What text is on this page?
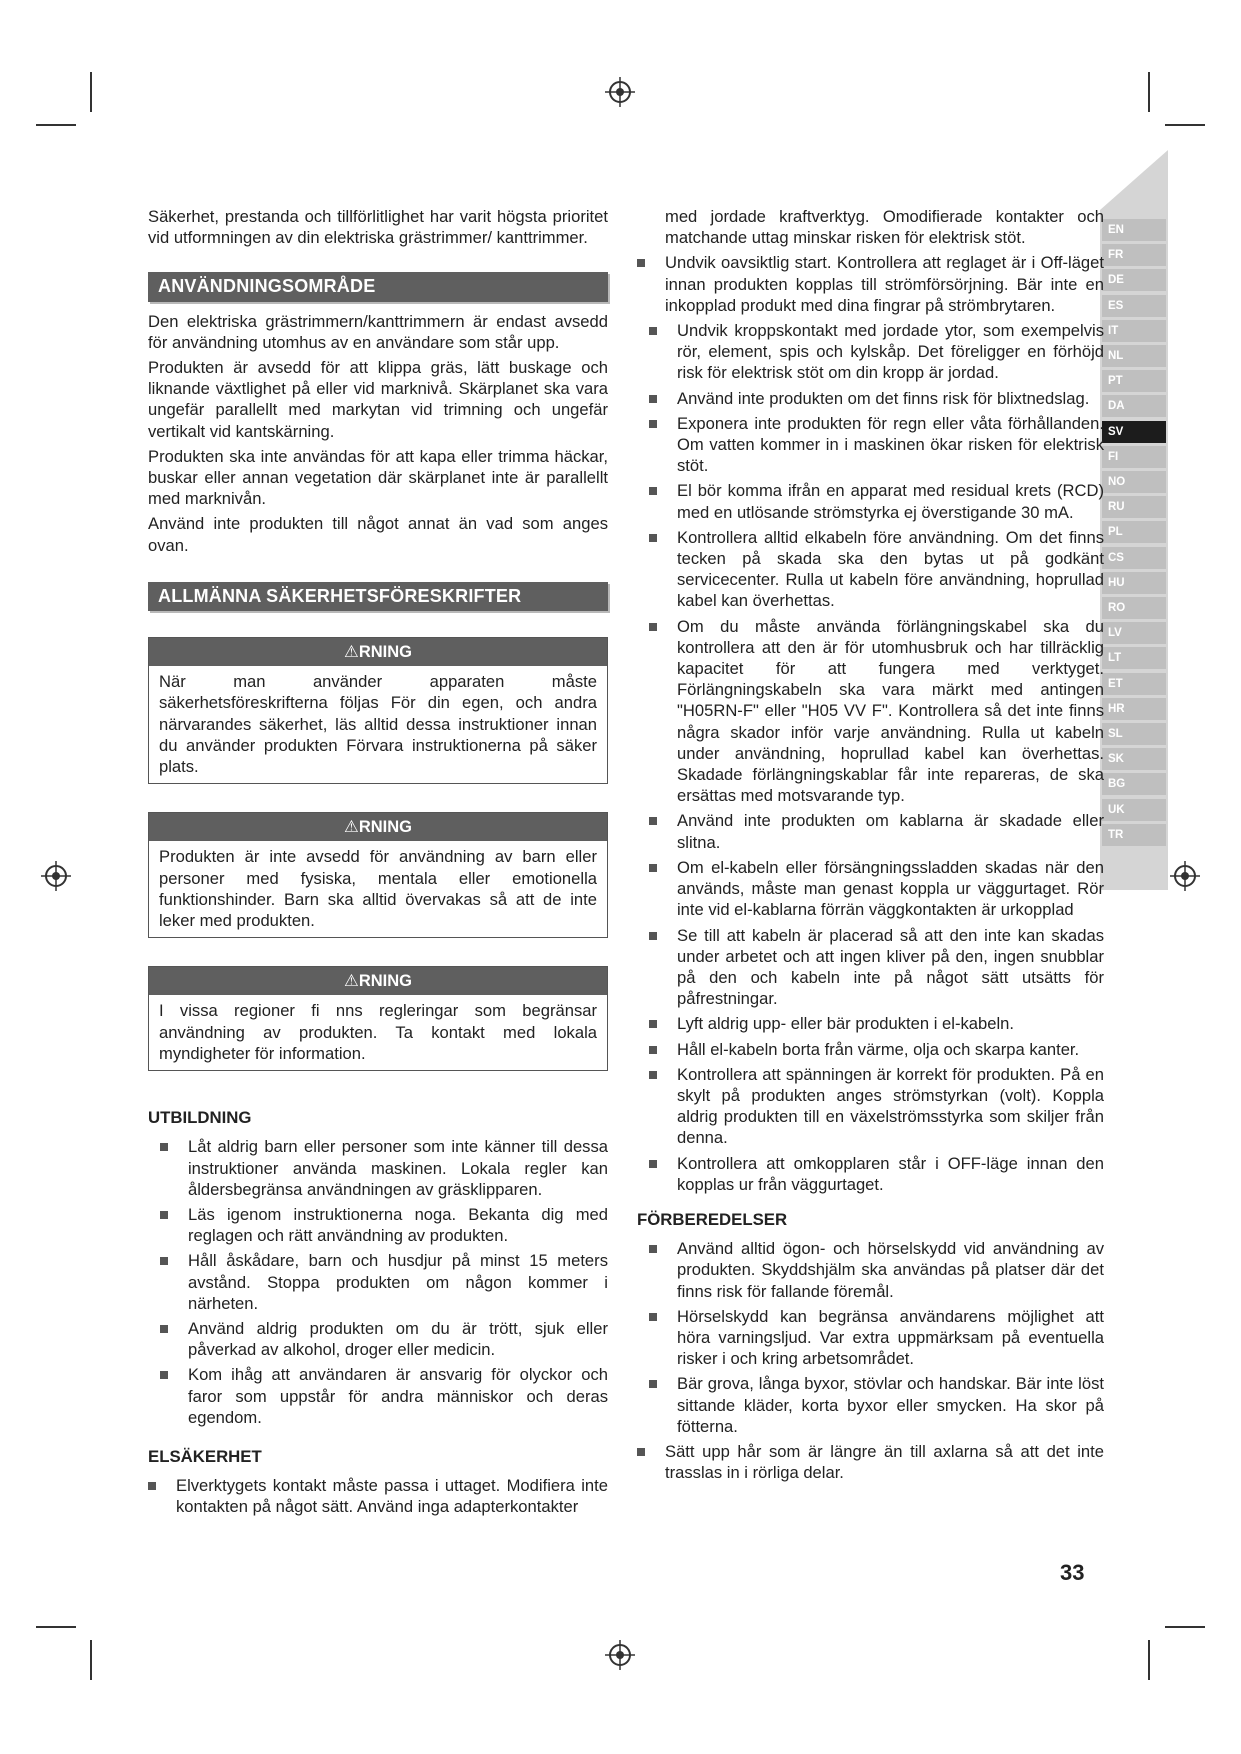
EN
FR
DE
ES
IT
NL
PT
DA
SV
FI
NO
RU
PL
CS
HU
RO
LV
LT
ET
HR
SL
SK
BG
UK
TR

Säkerhet, prestanda och tillförlitlighet har varit högsta prioritet vid utformningen av din elektriska grästrimmer/ kanttrimmer.

ANVÄNDNINGSOMRÅDE

Den elektriska grästrimmern/kanttrimmern är endast avsedd för användning utomhus av en användare som står upp.

Produkten är avsedd för att klippa gräs, lätt buskage och liknande växtlighet på eller vid marknivå. Skärplanet ska vara ungefär parallellt med markytan vid trimning och ungefär vertikalt vid kantskärning.

Produkten ska inte användas för att kapa eller trimma häckar, buskar eller annan vegetation där skärplanet inte är parallellt med marknivån.

Använd inte produkten till något annat än vad som anges ovan.

ALLMÄNNA SÄKERHETSFÖRESKRIFTER
⚠RNING

När man använder apparaten måste säkerhetsföreskrifterna följas För din egen, och andra närvarandes säkerhet, läs alltid dessa instruktioner innan du använder produkten Förvara instruktionerna på säker plats.

⚠RNING

Produkten är inte avsedd för användning av barn eller personer med fysiska, mentala eller emotionella funktionshinder. Barn ska alltid övervakas så att de inte leker med produkten.

⚠RNING

I vissa regioner fi nns regleringar som begränsar användning av produkten. Ta kontakt med lokala myndigheter för information.

UTBILDNING
Låt aldrig barn eller personer som inte känner till dessa instruktioner använda maskinen. Lokala regler kan åldersbegränsa användningen av gräsklipparen.
Läs igenom instruktionerna noga. Bekanta dig med reglagen och rätt användning av produkten.
Håll åskådare, barn och husdjur på minst 15 meters avstånd. Stoppa produkten om någon kommer i närheten.
Använd aldrig produkten om du är trött, sjuk eller påverkad av alkohol, droger eller medicin.
Kom ihåg att användaren är ansvarig för olyckor och faror som uppstår för andra människor och deras egendom.
ELSÄKERHET
Elverktygets kontakt måste passa i uttaget. Modifiera inte kontakten på något sätt. Använd inga adapterkontakter

med jordade kraftverktyg. Omodifierade kontakter och matchande uttag minskar risken för elektrisk stöt.

Undvik oavsiktlig start. Kontrollera att reglaget är i Off-läget innan produkten kopplas till strömförsörjning. Bär inte en inkopplad produkt med dina fingrar på strömbrytaren.
Undvik kroppskontakt med jordade ytor, som exempelvis rör, element, spis och kylskåp. Det föreligger en förhöjd risk för elektrisk stöt om din kropp är jordad.
Använd inte produkten om det finns risk för blixtnedslag.
Exponera inte produkten för regn eller våta förhållanden. Om vatten kommer in i maskinen ökar risken för elektrisk stöt.
El bör komma ifrån en apparat med residual krets (RCD) med en utlösande strömstyrka ej överstigande 30 mA.
Kontrollera alltid elkabeln före användning. Om det finns tecken på skada ska den bytas ut på godkänt servicecenter. Rulla ut kabeln före användning, hoprullad kabel kan överhettas.
Om du måste använda förlängningskabel ska du kontrollera att den är för utomhusbruk och har tillräcklig kapacitet för att fungera med verktyget. Förlängningskabeln ska vara märkt med antingen "H05RN-F" eller "H05 VV F". Kontrollera så det inte finns några skador inför varje användning. Rulla ut kabeln under användning, hoprullad kabel kan överhettas. Skadade förlängningskablar får inte repareras, de ska ersättas med motsvarande typ.
Använd inte produkten om kablarna är skadade eller slitna.
Om el-kabeln eller försängningssladden skadas när den används, måste man genast koppla ur väggurtaget. Rör inte vid el-kablarna förrän väggkontakten är urkopplad
Se till att kabeln är placerad så att den inte kan skadas under arbetet och att ingen kliver på den, ingen snubblar på den och kabeln inte på något sätt utsätts för påfrestningar.
Lyft aldrig upp- eller bär produkten i el-kabeln.
Håll el-kabeln borta från värme, olja och skarpa kanter.
Kontrollera att spänningen är korrekt för produkten. På en skylt på produkten anges strömstyrkan (volt). Koppla aldrig produkten till en växelströmsstyrka som skiljer från denna.
Kontrollera att omkopplaren står i OFF-läge innan den kopplas ur från väggurtaget.
FÖRBEREDELSER
Använd alltid ögon- och hörselskydd vid användning av produkten. Skyddshjälm ska användas på platser där det finns risk för fallande föremål.
Hörselskydd kan begränsa användarens möjlighet att höra varningsljud. Var extra uppmärksam på eventuella risker i och kring arbetsområdet.
Bär grova, långa byxor, stövlar och handskar. Bär inte löst sittande kläder, korta byxor eller smycken. Ha skor på fötterna.
Sätt upp hår som är längre än till axlarna så att det inte trasslas in i rörliga delar.
33
